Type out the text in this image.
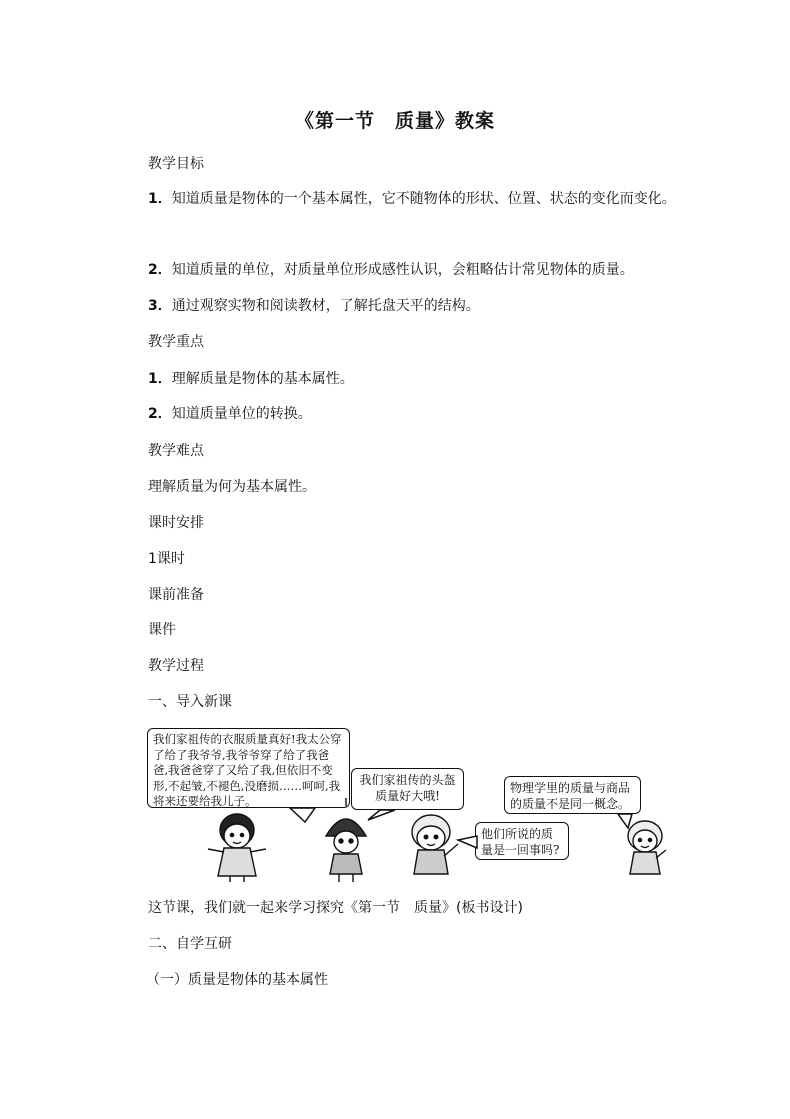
《第一节　质量》教案
教学目标
1．知道质量是物体的一个基本属性，它不随物体的形状、位置、状态的变化而变化。
2．知道质量的单位，对质量单位形成感性认识，会粗略估计常见物体的质量。
3．通过观察实物和阅读教材，了解托盘天平的结构。
教学重点
1．理解质量是物体的基本属性。
2．知道质量单位的转换。
教学难点
理解质量为何为基本属性。
课时安排
1课时
课前准备
课件
教学过程
一、导入新课
我们家祖传的衣服质量真好!我太公穿了给了我爷爷,我爷爷穿了给了我爸爸,我爸爸穿了又给了我,但依旧不变形,不起皱,不褪色,没磨损……呵呵,我将来还要给我儿子。
我们家祖传的头盔质量好大哦!
他们所说的质量是一回事吗?
物理学里的质量与商品的质量不是同一概念。
这节课，我们就一起来学习探究《第一节　质量》(板书设计)
二、自学互研
（一）质量是物体的基本属性
